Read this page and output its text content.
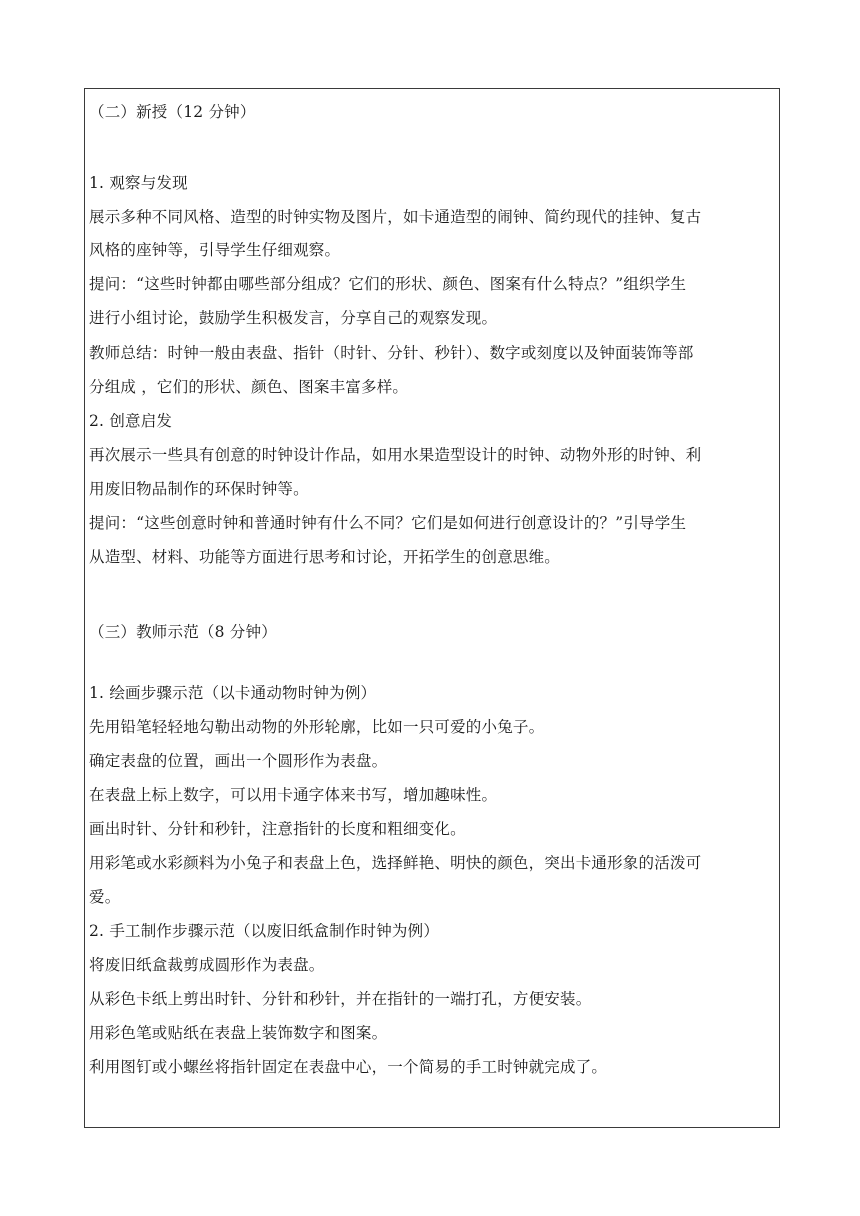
（二）新授（12 分钟）
1. 观察与发现
展示多种不同风格、造型的时钟实物及图片，如卡通造型的闹钟、简约现代的挂钟、复古
风格的座钟等，引导学生仔细观察。
提问：“这些时钟都由哪些部分组成？它们的形状、颜色、图案有什么特点？”组织学生
进行小组讨论，鼓励学生积极发言，分享自己的观察发现。
教师总结：时钟一般由表盘、指针（时针、分针、秒针）、数字或刻度以及钟面装饰等部
分组成 ，它们的形状、颜色、图案丰富多样。
2. 创意启发
再次展示一些具有创意的时钟设计作品，如用水果造型设计的时钟、动物外形的时钟、利
用废旧物品制作的环保时钟等。
提问：“这些创意时钟和普通时钟有什么不同？它们是如何进行创意设计的？”引导学生
从造型、材料、功能等方面进行思考和讨论，开拓学生的创意思维。
（三）教师示范（8 分钟）
1. 绘画步骤示范（以卡通动物时钟为例）
先用铅笔轻轻地勾勒出动物的外形轮廓，比如一只可爱的小兔子。
确定表盘的位置，画出一个圆形作为表盘。
在表盘上标上数字，可以用卡通字体来书写，增加趣味性。
画出时针、分针和秒针，注意指针的长度和粗细变化。
用彩笔或水彩颜料为小兔子和表盘上色，选择鲜艳、明快的颜色，突出卡通形象的活泼可
爱。
2. 手工制作步骤示范（以废旧纸盒制作时钟为例）
将废旧纸盒裁剪成圆形作为表盘。
从彩色卡纸上剪出时针、分针和秒针，并在指针的一端打孔，方便安装。
用彩色笔或贴纸在表盘上装饰数字和图案。
利用图钉或小螺丝将指针固定在表盘中心，一个简易的手工时钟就完成了。
